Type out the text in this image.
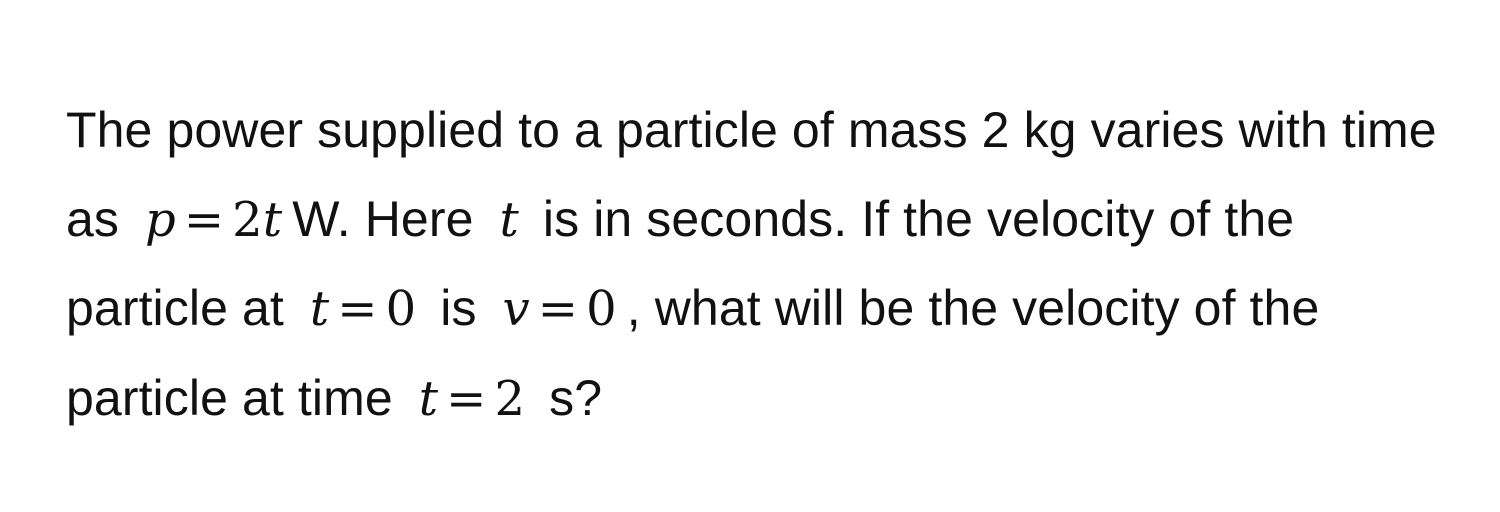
The power supplied to a particle of mass 2 kg varies with time as p = 2t W. Here t is in seconds. If the velocity of the particle at t = 0 is v = 0 , what will be the velocity of the particle at time t = 2 s?
